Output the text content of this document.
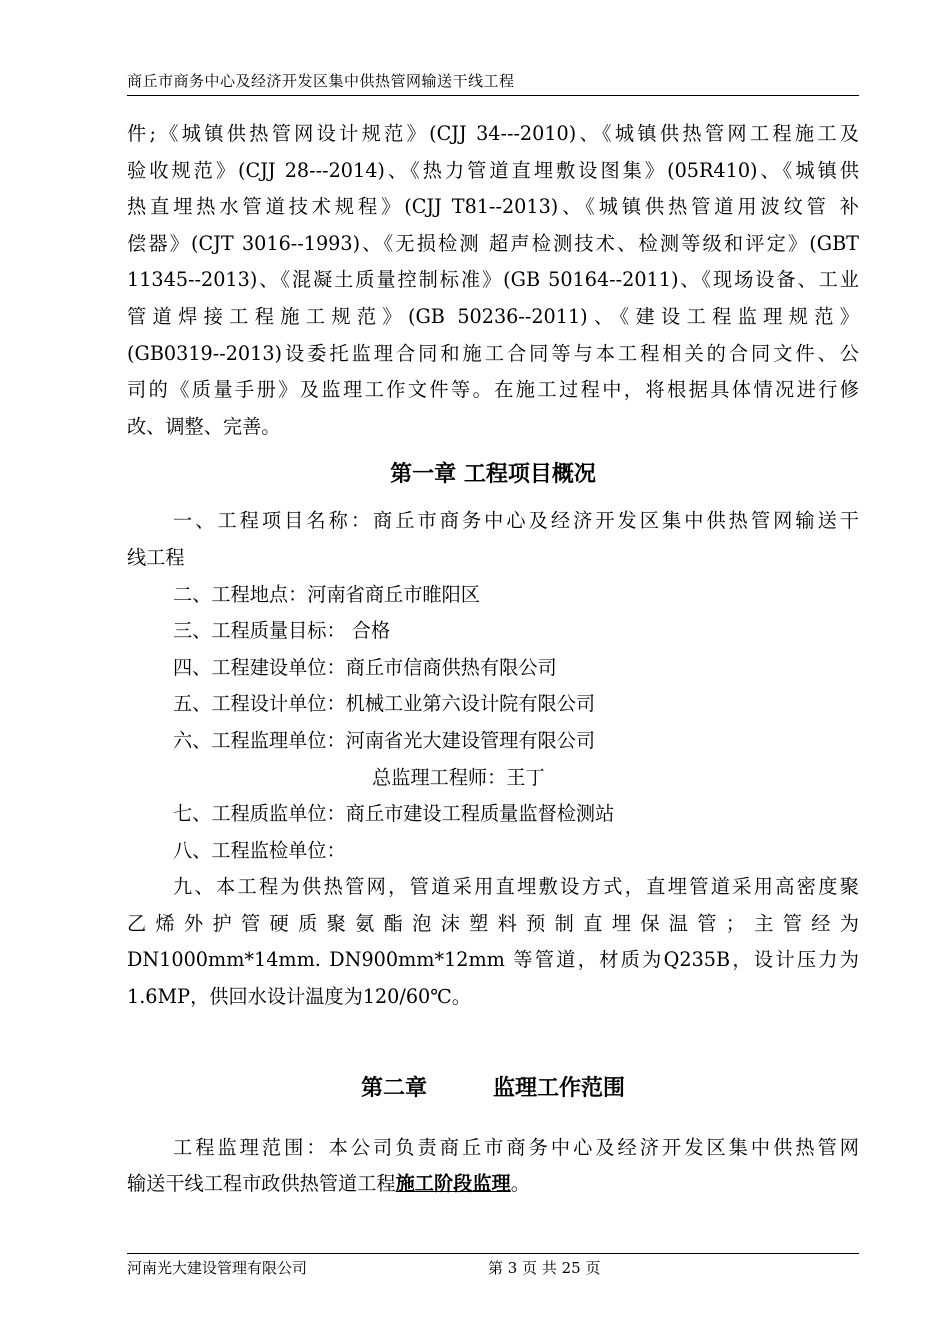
商丘市商务中心及经济开发区集中供热管网输送干线工程

件;《城镇供热管网设计规范》(CJJ 34---2010)、《城镇供热管网工程施工及

验收规范》(CJJ 28---2014)、《热力管道直埋敷设图集》(05R410)、《城镇供

热直埋热水管道技术规程》(CJJ T81--2013)、《城镇供热管道用波纹管 补

偿器》(CJT 3016--1993)、《无损检测 超声检测技术、检测等级和评定》(GBT

11345--2013)、《混凝土质量控制标准》(GB 50164--2011)、《现场设备、工业

管道焊接工程施工规范》(GB 50236--2011)、《建设工程监理规范》

(GB0319--2013)设委托监理合同和施工合同等与本工程相关的合同文件、公

司的《质量手册》及监理工作文件等。在施工过程中，将根据具体情况进行修

改、调整、完善。

第一章 工程项目概况

一、工程项目名称：商丘市商务中心及经济开发区集中供热管网输送干

线工程

二、工程地点：河南省商丘市睢阳区

三、工程质量目标： 合格

四、工程建设单位：商丘市信商供热有限公司

五、工程设计单位：机械工业第六设计院有限公司

六、工程监理单位：河南省光大建设管理有限公司

总监理工程师：王丁

七、工程质监单位：商丘市建设工程质量监督检测站

八、工程监检单位：

九、本工程为供热管网，管道采用直埋敷设方式，直埋管道采用高密度聚

乙烯外护管硬质聚氨酯泡沫塑料预制直埋保温管；主管经为

DN1000mm*14mm. DN900mm*12mm 等管道，材质为Q235B，设计压力为

1.6MP，供回水设计温度为120/60℃。

第二章	监理工作范围

工程监理范围：本公司负责商丘市商务中心及经济开发区集中供热管网

输送干线工程市政供热管道工程施工阶段监理。

河南光大建设管理有限公司	第 3 页 共 25 页
